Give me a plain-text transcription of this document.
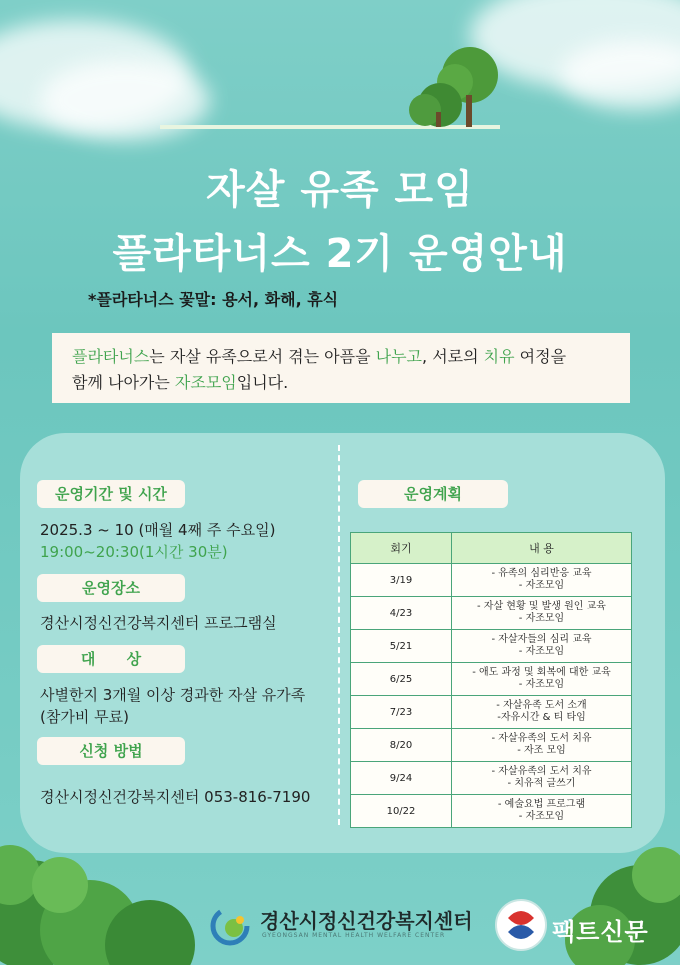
자살 유족 모임
플라타너스 2기 운영안내
*플라타너스 꽃말: 용서, 화해, 휴식
플라타너스는 자살 유족으로서 겪는 아픔을 나누고, 서로의 치유 여정을
함께 나아가는 자조모임입니다.
운영기간 및 시간
2025.3 ~ 10 (매월 4째 주 수요일)
19:00~20:30(1시간 30분)
운영장소
경산시정신건강복지센터 프로그램실
대      상
사별한지 3개월 이상 경과한 자살 유가족
(참가비 무료)
신청 방법
경산시정신건강복지센터 053-816-7190
운영계획
회기	내 용
3/19	- 유족의 심리반응 교육
- 자조모임

4/23	- 자살 현황 및 발생 원인 교육
- 자조모임

5/21	- 자살자들의 심리 교육
- 자조모임

6/25	- 애도 과정 및 회복에 대한 교육
- 자조모임

7/23	- 자살유족 도서 소개
-자유시간 & 티 타임

8/20	- 자살유족의 도서 치유
- 자조 모임

9/24	- 자살유족의 도서 치유
- 치유적 글쓰기

10/22	- 예술요법 프로그램
- 자조모임
경산시정신건강복지센터
GYEONGSAN MENTAL HEALTH WELFARE CENTER	팩트신문
